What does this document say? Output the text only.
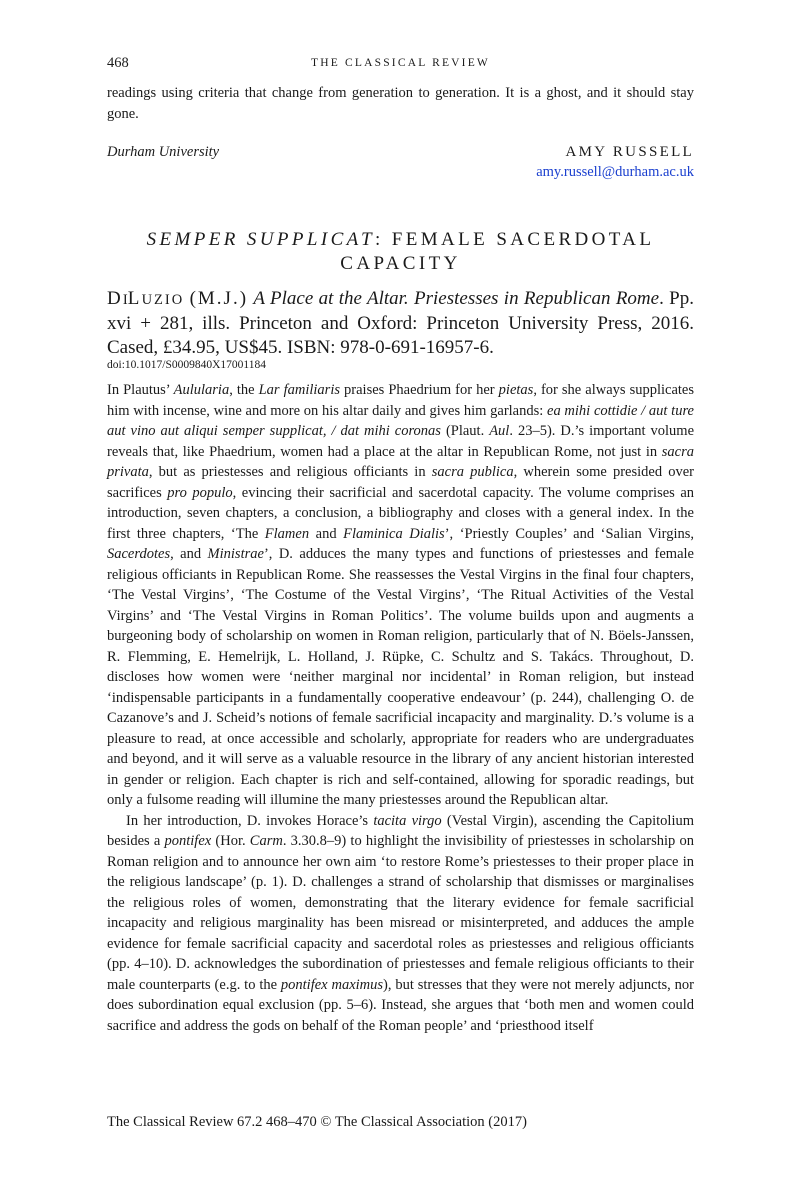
468	THE CLASSICAL REVIEW
readings using criteria that change from generation to generation. It is a ghost, and it should stay gone.
Durham University	AMY RUSSELL
amy.russell@durham.ac.uk
SEMPER SUPPLICAT: FEMALE SACERDOTAL CAPACITY
DILUZIO (M.J.) A Place at the Altar. Priestesses in Republican Rome. Pp. xvi + 281, ills. Princeton and Oxford: Princeton University Press, 2016. Cased, £34.95, US$45. ISBN: 978-0-691-16957-6.
doi:10.1017/S0009840X17001184

In Plautus’ Aulularia, the Lar familiaris praises Phaedrium for her pietas, for she always supplicates him with incense, wine and more on his altar daily and gives him garlands: ea mihi cottidie / aut ture aut vino aut aliqui semper supplicat, / dat mihi coronas (Plaut. Aul. 23–5). D.’s important volume reveals that, like Phaedrium, women had a place at the altar in Republican Rome, not just in sacra privata, but as priestesses and religious officiants in sacra publica, wherein some presided over sacrifices pro populo, evincing their sacrificial and sacerdotal capacity. The volume comprises an introduction, seven chapters, a conclusion, a bibliography and closes with a general index. In the first three chapters, ‘The Flamen and Flaminica Dialis’, ‘Priestly Couples’ and ‘Salian Virgins, Sacerdotes, and Ministrae’, D. adduces the many types and functions of priestesses and female religious officiants in Republican Rome. She reassesses the Vestal Virgins in the final four chapters, ‘The Vestal Virgins’, ‘The Costume of the Vestal Virgins’, ‘The Ritual Activities of the Vestal Virgins’ and ‘The Vestal Virgins in Roman Politics’. The volume builds upon and augments a burgeoning body of scholarship on women in Roman religion, particularly that of N. Böels-Janssen, R. Flemming, E. Hemelrijk, L. Holland, J. Rüpke, C. Schultz and S. Takács. Throughout, D. discloses how women were ‘neither marginal nor incidental’ in Roman religion, but instead ‘indispensable participants in a fundamentally cooperative endeavour’ (p. 244), challenging O. de Cazanove’s and J. Scheid’s notions of female sacrificial incapacity and marginality. D.’s volume is a pleasure to read, at once accessible and scholarly, appropriate for readers who are undergraduates and beyond, and it will serve as a valuable resource in the library of any ancient historian interested in gender or religion. Each chapter is rich and self-contained, allowing for sporadic readings, but only a fulsome reading will illumine the many priestesses around the Republican altar.

In her introduction, D. invokes Horace’s tacita virgo (Vestal Virgin), ascending the Capitolium besides a pontifex (Hor. Carm. 3.30.8–9) to highlight the invisibility of priestesses in scholarship on Roman religion and to announce her own aim ‘to restore Rome’s priestesses to their proper place in the religious landscape’ (p. 1). D. challenges a strand of scholarship that dismisses or marginalises the religious roles of women, demonstrating that the literary evidence for female sacrificial incapacity and religious marginality has been misread or misinterpreted, and adduces the ample evidence for female sacrificial capacity and sacerdotal roles as priestesses and religious officiants (pp. 4–10). D. acknowledges the subordination of priestesses and female religious officiants to their male counterparts (e.g. to the pontifex maximus), but stresses that they were not merely adjuncts, nor does subordination equal exclusion (pp. 5–6). Instead, she argues that ‘both men and women could sacrifice and address the gods on behalf of the Roman people’ and ‘priesthood itself

The Classical Review 67.2 468–470 © The Classical Association (2017)
